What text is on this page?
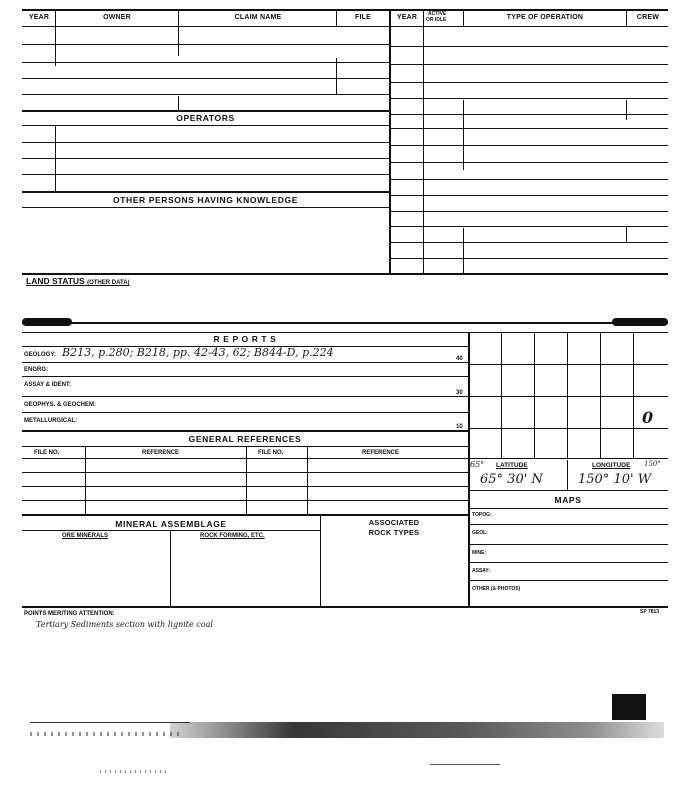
YEAR	OWNER	CLAIM NAME	FILE	YEAR	ACTIVE
OR IDLE	TYPE OF OPERATION	CREW
OPERATORS
OTHER PERSONS HAVING KNOWLEDGE
LAND STATUS (OTHER DATA)
R E P O R T S
GEOLOGY: B213, p.280; B218, pp. 42-43, 62; B844-D, p.224	40
ENGRG:
ASSAY & IDENT:
30
GEOPHYS. & GEOCHEM:
METALLURGICAL:
10
GENERAL REFERENCES
FILE NO.	REFERENCE	FILE NO.	REFERENCE
MINERAL ASSEMBLAGE
ORE MINERALS	ROCK FORMING, ETC.
ASSOCIATED
ROCK TYPES
0
65° LATITUDE	LONGITUDE 150°
65° 30' N	150° 10' W
MAPS
TOPOG:
GEOL:
MINE:
ASSAY:
OTHER (& PHOTOS)
POINTS MERITING ATTENTION:	SP 7813
Tertiary Sediments section with lignite coal
